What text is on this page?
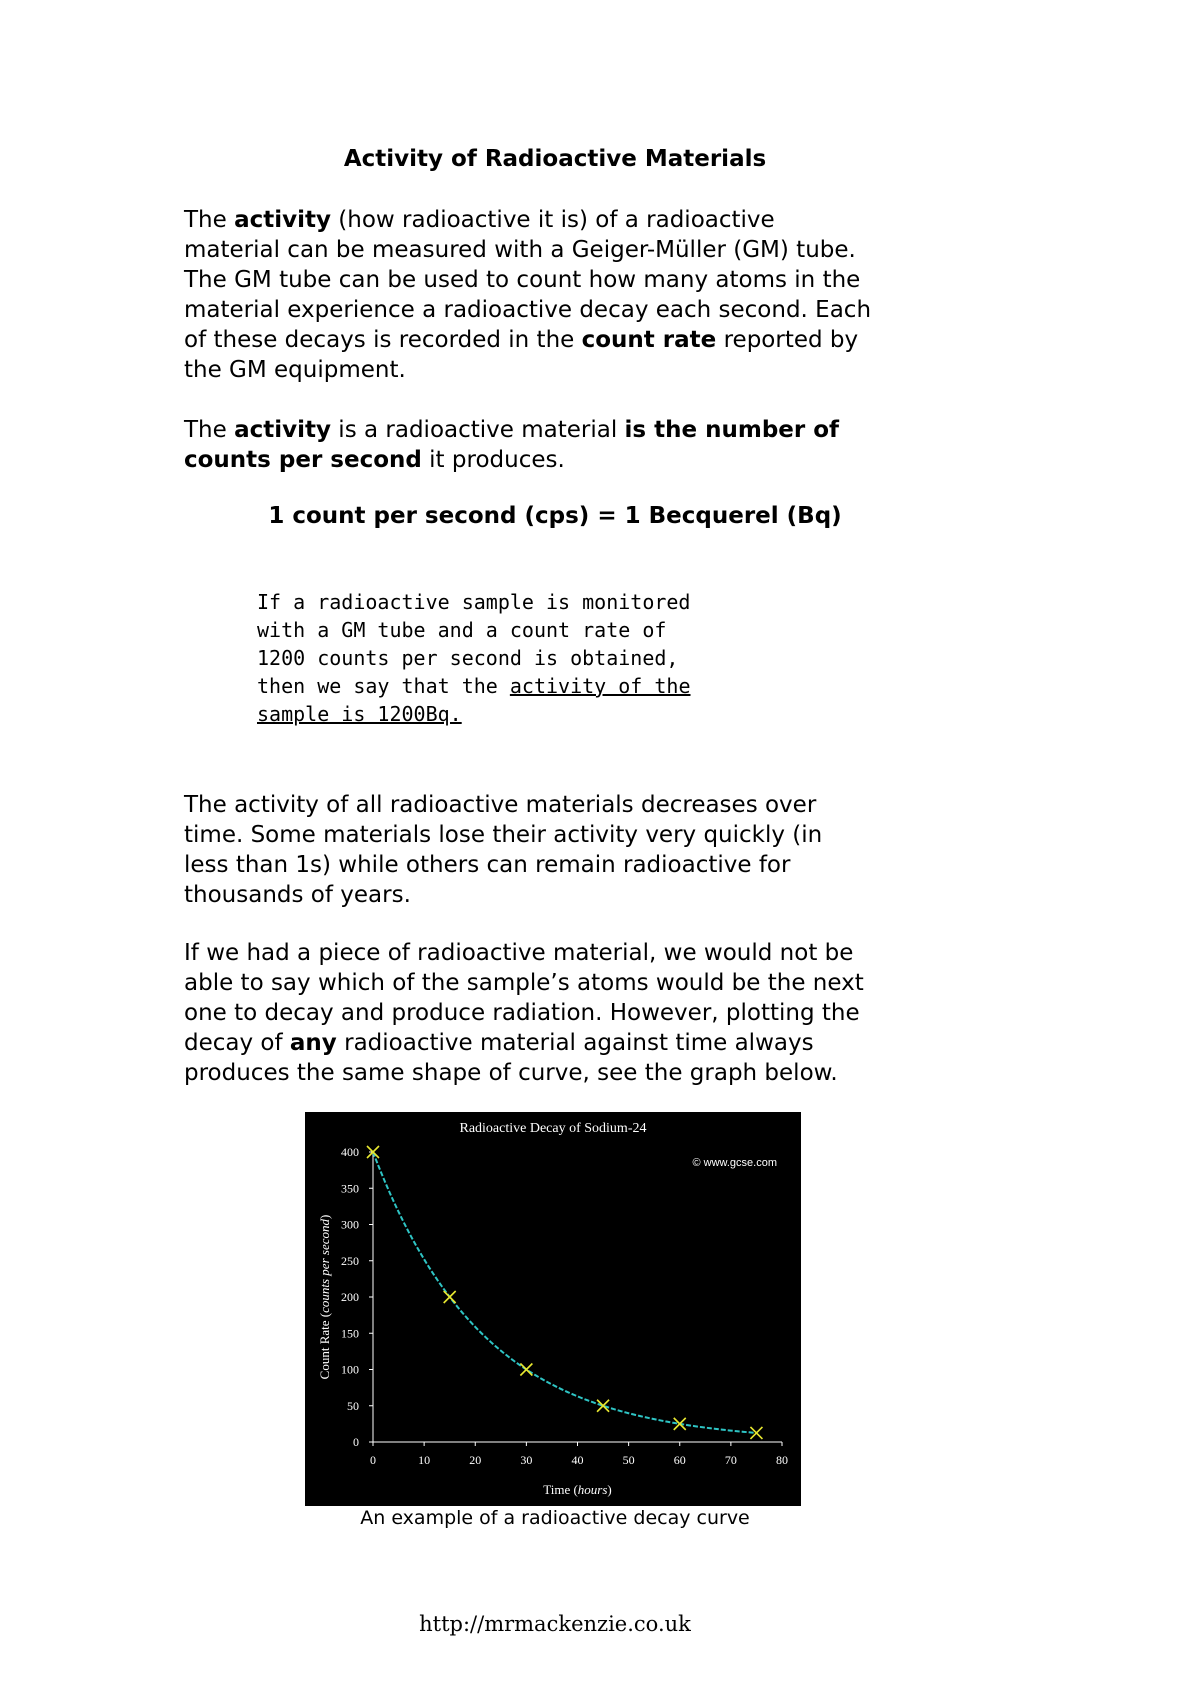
Activity of Radioactive Materials
The activity (how radioactive it is) of a radioactive
material can be measured with a Geiger-Müller (GM) tube.
The GM tube can be used to count how many atoms in the
material experience a radioactive decay each second. Each
of these decays is recorded in the count rate reported by
the GM equipment.
The activity is a radioactive material is the number of
counts per second it produces.
1 count per second (cps) = 1 Becquerel (Bq)
If a radioactive sample is monitored
with a GM tube and a count rate of
1200 counts per second is obtained,
then we say that the activity of the
sample is 1200Bq.
The activity of all radioactive materials decreases over
time. Some materials lose their activity very quickly (in
less than 1s) while others can remain radioactive for
thousands of years.
If we had a piece of radioactive material, we would not be
able to say which of the sample’s atoms would be the next
one to decay and produce radiation. However, plotting the
decay of any radioactive material against time always
produces the same shape of curve, see the graph below.
Radioactive Decay of Sodium-24
© www.gcse.com
0
50
100
150
200
250
300
350
400
0	10	20	30	40	50	60	70	80
Time (hours)
Count Rate (counts per second)
An example of a radioactive decay curve
http://mrmackenzie.co.uk
